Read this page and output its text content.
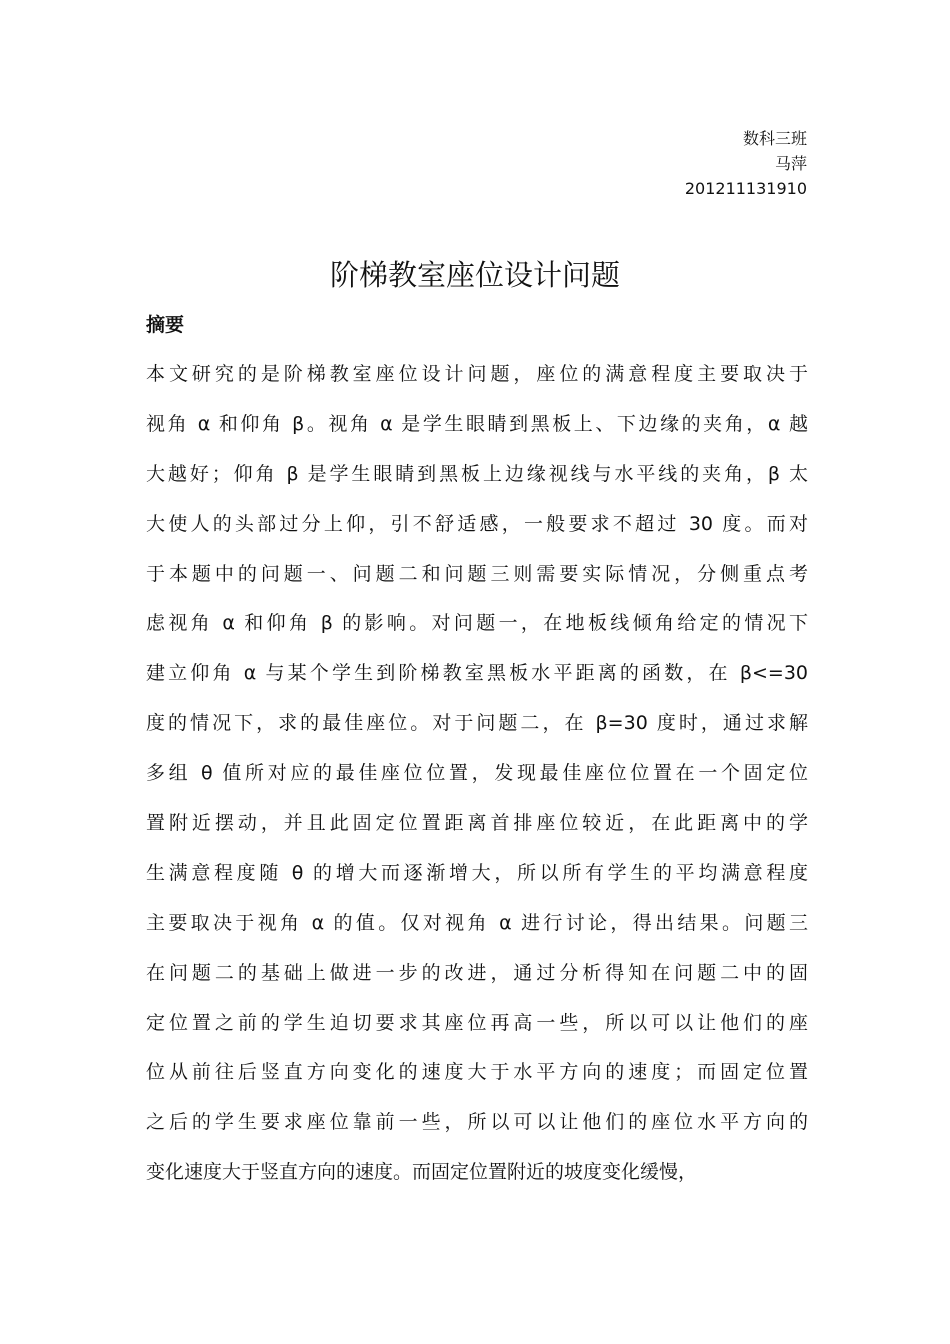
数科三班
马萍
201211131910
阶梯教室座位设计问题
摘要
本文研究的是阶梯教室座位设计问题，座位的满意程度主要取决于
视角 α 和仰角 β。视角 α 是学生眼睛到黑板上、下边缘的夹角，α 越
大越好；仰角 β 是学生眼睛到黑板上边缘视线与水平线的夹角，β 太
大使人的头部过分上仰，引不舒适感，一般要求不超过 30 度。而对
于本题中的问题一、问题二和问题三则需要实际情况，分侧重点考
虑视角 α 和仰角 β 的影响。对问题一，在地板线倾角给定的情况下
建立仰角 α 与某个学生到阶梯教室黑板水平距离的函数，在 β<=30
度的情况下，求的最佳座位。对于问题二，在 β=30 度时，通过求解
多组 θ 值所对应的最佳座位位置，发现最佳座位位置在一个固定位
置附近摆动，并且此固定位置距离首排座位较近，在此距离中的学
生满意程度随 θ 的增大而逐渐增大，所以所有学生的平均满意程度
主要取决于视角 α 的值。仅对视角 α 进行讨论，得出结果。问题三
在问题二的基础上做进一步的改进，通过分析得知在问题二中的固
定位置之前的学生迫切要求其座位再高一些，所以可以让他们的座
位从前往后竖直方向变化的速度大于水平方向的速度；而固定位置
之后的学生要求座位靠前一些，所以可以让他们的座位水平方向的
变化速度大于竖直方向的速度。而固定位置附近的坡度变化缓慢，
